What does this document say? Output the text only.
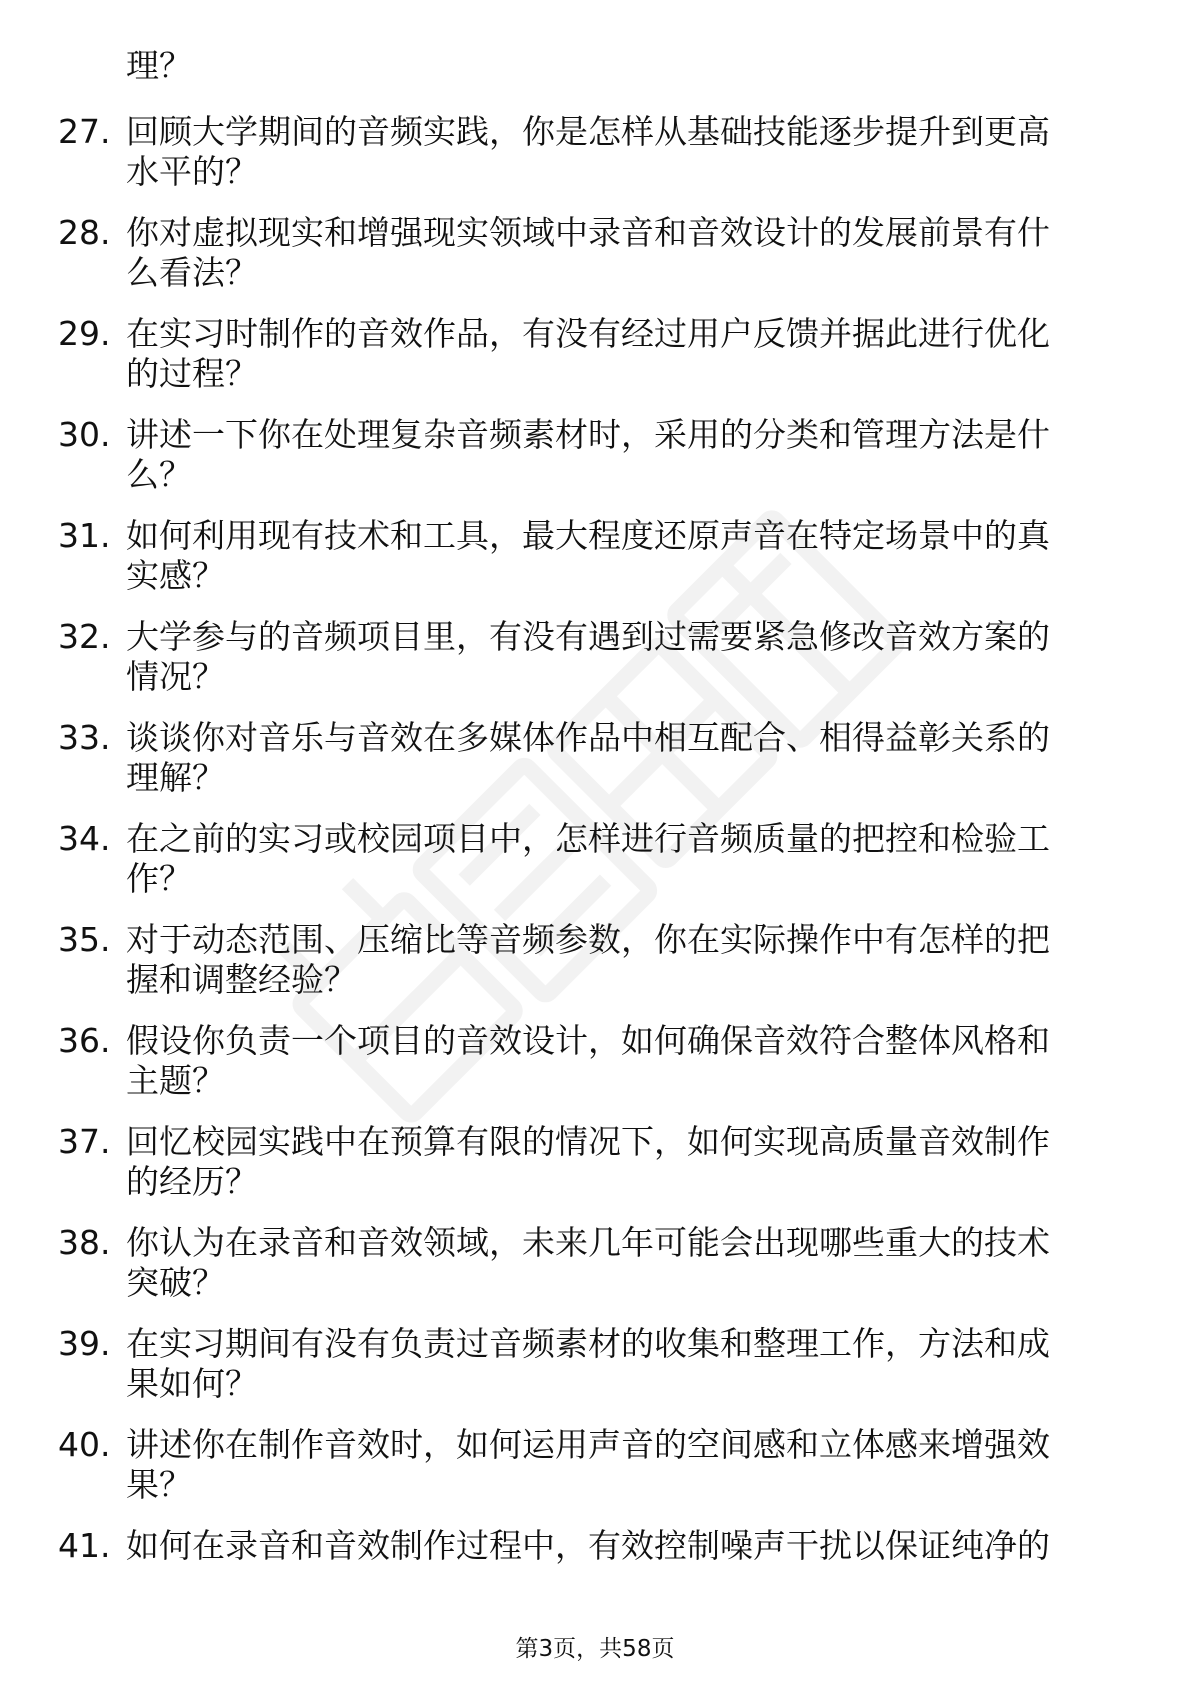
理？
27. 回顾大学期间的音频实践，你是怎样从基础技能逐步提升到更高
水平的？
28. 你对虚拟现实和增强现实领域中录音和音效设计的发展前景有什
么看法？
29. 在实习时制作的音效作品，有没有经过用户反馈并据此进行优化
的过程？
30. 讲述一下你在处理复杂音频素材时，采用的分类和管理方法是什
么？
31. 如何利用现有技术和工具，最大程度还原声音在特定场景中的真
实感？
32. 大学参与的音频项目里，有没有遇到过需要紧急修改音效方案的
情况？
33. 谈谈你对音乐与音效在多媒体作品中相互配合、相得益彰关系的
理解？
34. 在之前的实习或校园项目中，怎样进行音频质量的把控和检验工
作？
35. 对于动态范围、压缩比等音频参数，你在实际操作中有怎样的把
握和调整经验？
36. 假设你负责一个项目的音效设计，如何确保音效符合整体风格和
主题？
37. 回忆校园实践中在预算有限的情况下，如何实现高质量音效制作
的经历？
38. 你认为在录音和音效领域，未来几年可能会出现哪些重大的技术
突破？
39. 在实习期间有没有负责过音频素材的收集和整理工作，方法和成
果如何？
40. 讲述你在制作音效时，如何运用声音的空间感和立体感来增强效
果？
41. 如何在录音和音效制作过程中，有效控制噪声干扰以保证纯净的
第3页，共58页
